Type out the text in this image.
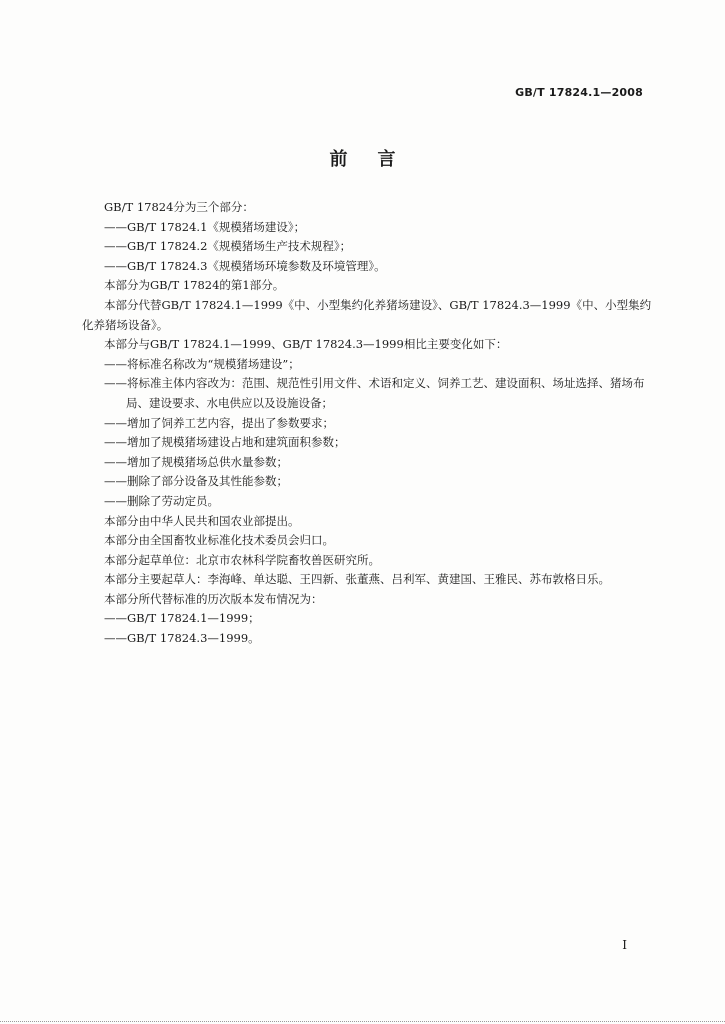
GB/T 17824.1—2008
前言

GB/T 17824分为三个部分：

——GB/T 17824.1《规模猪场建设》；

——GB/T 17824.2《规模猪场生产技术规程》；

——GB/T 17824.3《规模猪场环境参数及环境管理》。

本部分为GB/T 17824的第1部分。

本部分代替GB/T 17824.1—1999《中、小型集约化养猪场建设》、GB/T 17824.3—1999《中、小型集约化养猪场设备》。

本部分与GB/T 17824.1—1999、GB/T 17824.3—1999相比主要变化如下：

——将标准名称改为“规模猪场建设”；

——将标准主体内容改为：范围、规范性引用文件、术语和定义、饲养工艺、建设面积、场址选择、猪场布局、建设要求、水电供应以及设施设备；

——增加了饲养工艺内容，提出了参数要求；

——增加了规模猪场建设占地和建筑面积参数；

——增加了规模猪场总供水量参数；

——删除了部分设备及其性能参数；

——删除了劳动定员。

本部分由中华人民共和国农业部提出。

本部分由全国畜牧业标准化技术委员会归口。

本部分起草单位：北京市农林科学院畜牧兽医研究所。

本部分主要起草人：李海峰、单达聪、王四新、张董燕、吕利军、黄建国、王雅民、苏布敦格日乐。

本部分所代替标准的历次版本发布情况为：

——GB/T 17824.1—1999；

——GB/T 17824.3—1999。

I
